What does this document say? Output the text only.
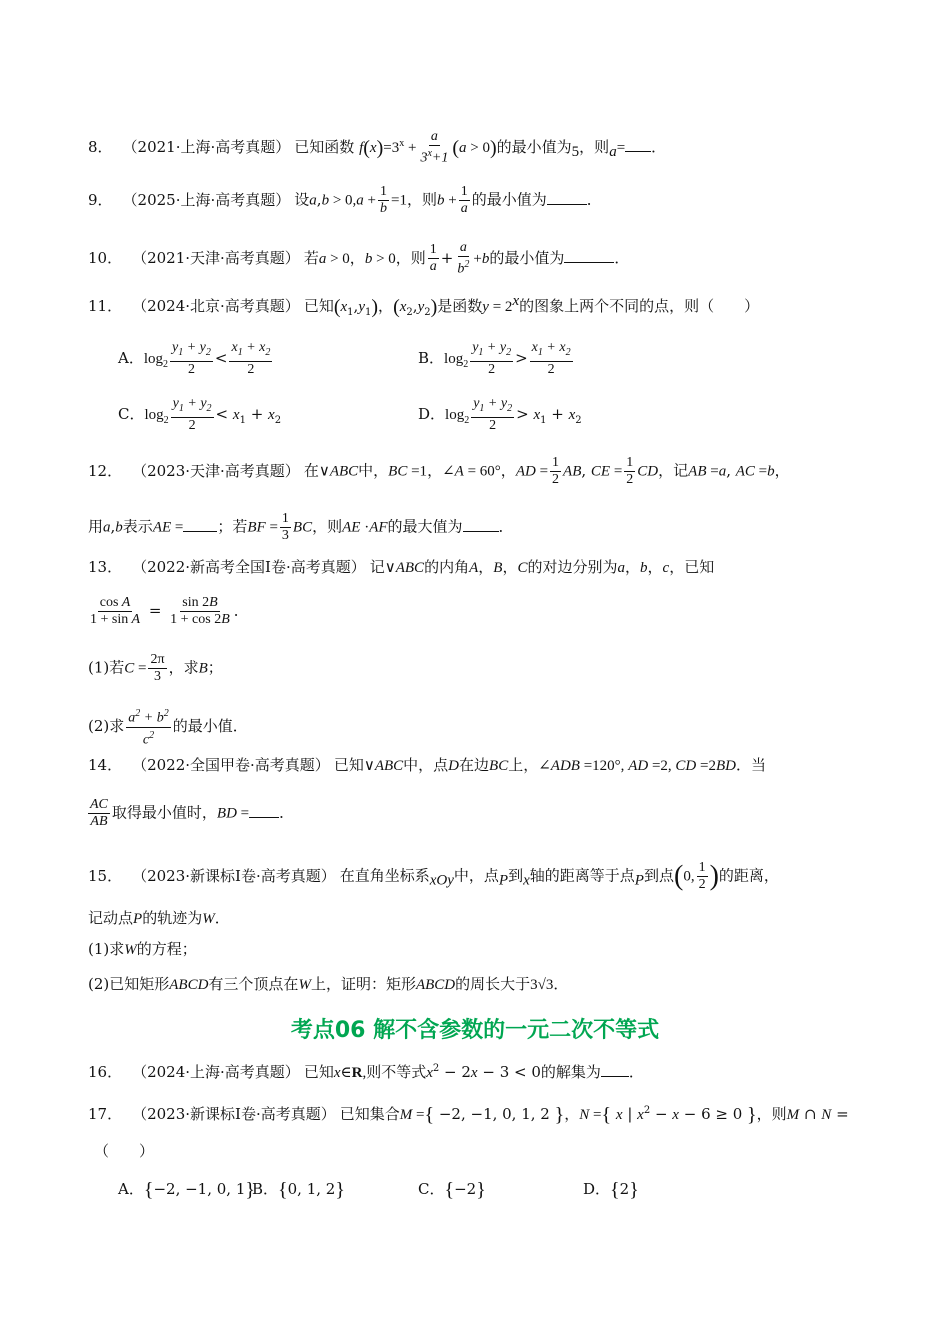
8． （2021·上海·高考真题） 已知函数 $f(x)=3^x + \frac{a}{3^x+1} (a > 0)$的最小值为$_5$，则$_a$= ．
9． （2025·上海·高考真题） 设$a,b > 0,a + \frac{1}{b} =1$，则$b + \frac{1}{a}$ 的最小值为	．
10． （2021·天津·高考真题） 若a > 0，b > 0，则 $\frac{1}{a} + \frac{a}{b^2} +b$的最小值为	．
11． （2024·北京·高考真题） 已知$(x_1,y_1)$，$(x_2,y_2)$是函数$y = 2^x$的图象上两个不同的点，则（　　）
A．$\log_2 \frac{y_1 + y_2}{2} < \frac{x_1 + x_2}{2}$	B．$\log_2 \frac{y_1 + y_2}{2} > \frac{x_1 + x_2}{2}$
C．$\log_2 \frac{y_1 + y_2}{2} < x_1 + x_2$	D．$\log_2 \frac{y_1 + y_2}{2} > x_1 + x_2$
12． （2023·天津·高考真题） 在∨ABC中，BC =1，∠A = 60°，AD = $\frac{1}{2}$ AB, CE = $\frac{1}{2}$ CD，记AB =a, AC =b，
用a,b表示AE = ；若BF = $\frac{1}{3}$ BC，则AE ·AF的最大值为 ．
13． （2022·新高考全国Ⅰ卷·高考真题） 记∨ABC的内角A，B，C的对边分别为a，b，c，已知
$\frac{\text{cos A}}{\text{1 + sin A}} = \frac{\sin 2B}{1 + \cos 2B}$ ．
(1)若$C = \frac{2\pi}{3}$ ，求B；
(2)求 $\frac{a^2 + b^2}{c^2}$ 的最小值．
14． （2022·全国甲卷·高考真题） 已知∨ABC中，点D在边BC上，∠ADB =120°, AD =2, CD =2BD．当
$\frac{AC}{AB}$ 取得最小值时，BD = ．
15． （2023·新课标Ⅰ卷·高考真题） 在直角坐标系$_{xOy}$中，点$_P$到$_x$轴的距离等于点$_P$到点(0, $\frac{1}{2}$ )的距离，
记动点P的轨迹为W．
(1)求W的方程；
(2)已知矩形ABCD有三个顶点在W上，证明：矩形ABCD的周长大于3√3．
考点06 解不含参数的一元二次不等式
16． （2024·上海·高考真题） 已知x∈R,则不等式$x^2 - 2x - 3 < 0$的解集为 ．
17． （2023·新课标Ⅰ卷·高考真题） 已知集合M ={ −2, −1, 0, 1, 2 }，N ={ x | $x^2 - x - 6 \ge 0$ }，则M ∩ N =
（　　）
A．{−2, −1, 0, 1}
B．{0, 1, 2}	C．{−2}	D．{2}
